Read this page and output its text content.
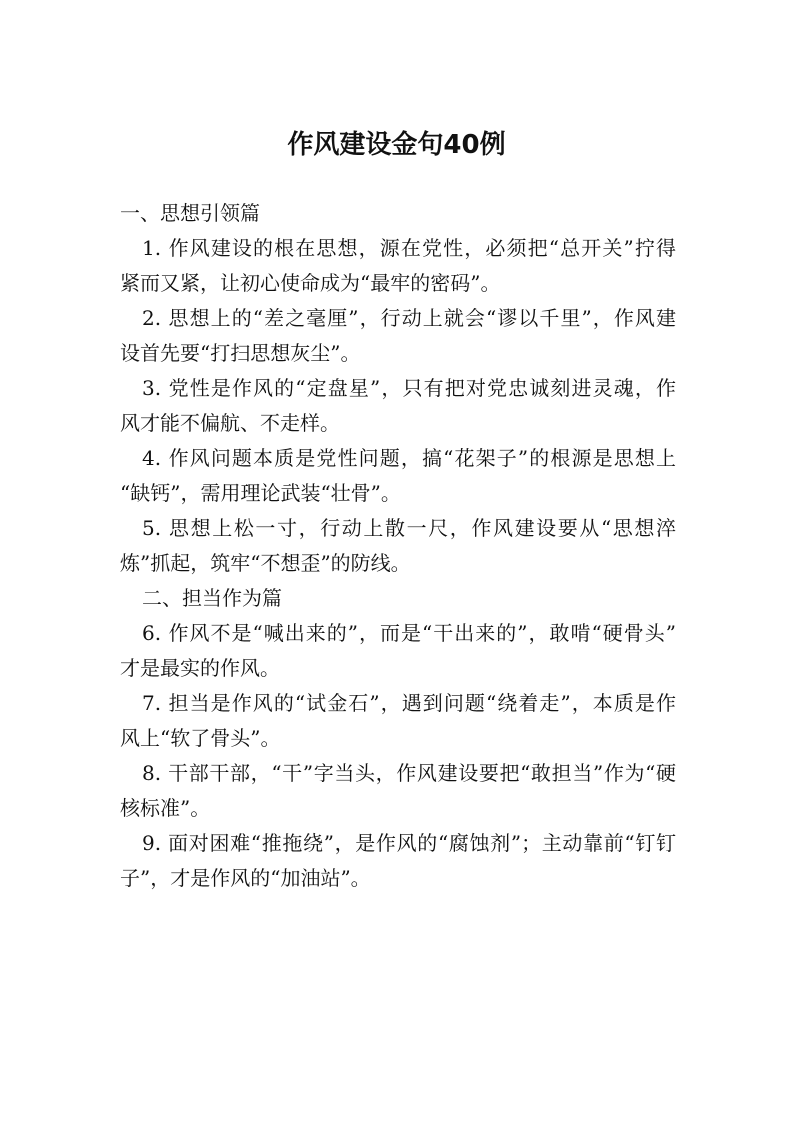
作风建设金句40例
一、思想引领篇
1. 作风建设的根在思想，源在党性，必须把“总开关”拧得
紧而又紧，让初心使命成为“最牢的密码”。
2. 思想上的“差之毫厘”，行动上就会“谬以千里”，作风建
设首先要“打扫思想灰尘”。
3. 党性是作风的“定盘星”，只有把对党忠诚刻进灵魂，作
风才能不偏航、不走样。
4. 作风问题本质是党性问题，搞“花架子”的根源是思想上
“缺钙”，需用理论武装“壮骨”。
5. 思想上松一寸，行动上散一尺，作风建设要从“思想淬
炼”抓起，筑牢“不想歪”的防线。
二、担当作为篇
6. 作风不是“喊出来的”，而是“干出来的”，敢啃“硬骨头”
才是最实的作风。
7. 担当是作风的“试金石”，遇到问题“绕着走”，本质是作
风上“软了骨头”。
8. 干部干部，“干”字当头，作风建设要把“敢担当”作为“硬
核标准”。
9. 面对困难“推拖绕”，是作风的“腐蚀剂”；主动靠前“钉钉
子”，才是作风的“加油站”。
